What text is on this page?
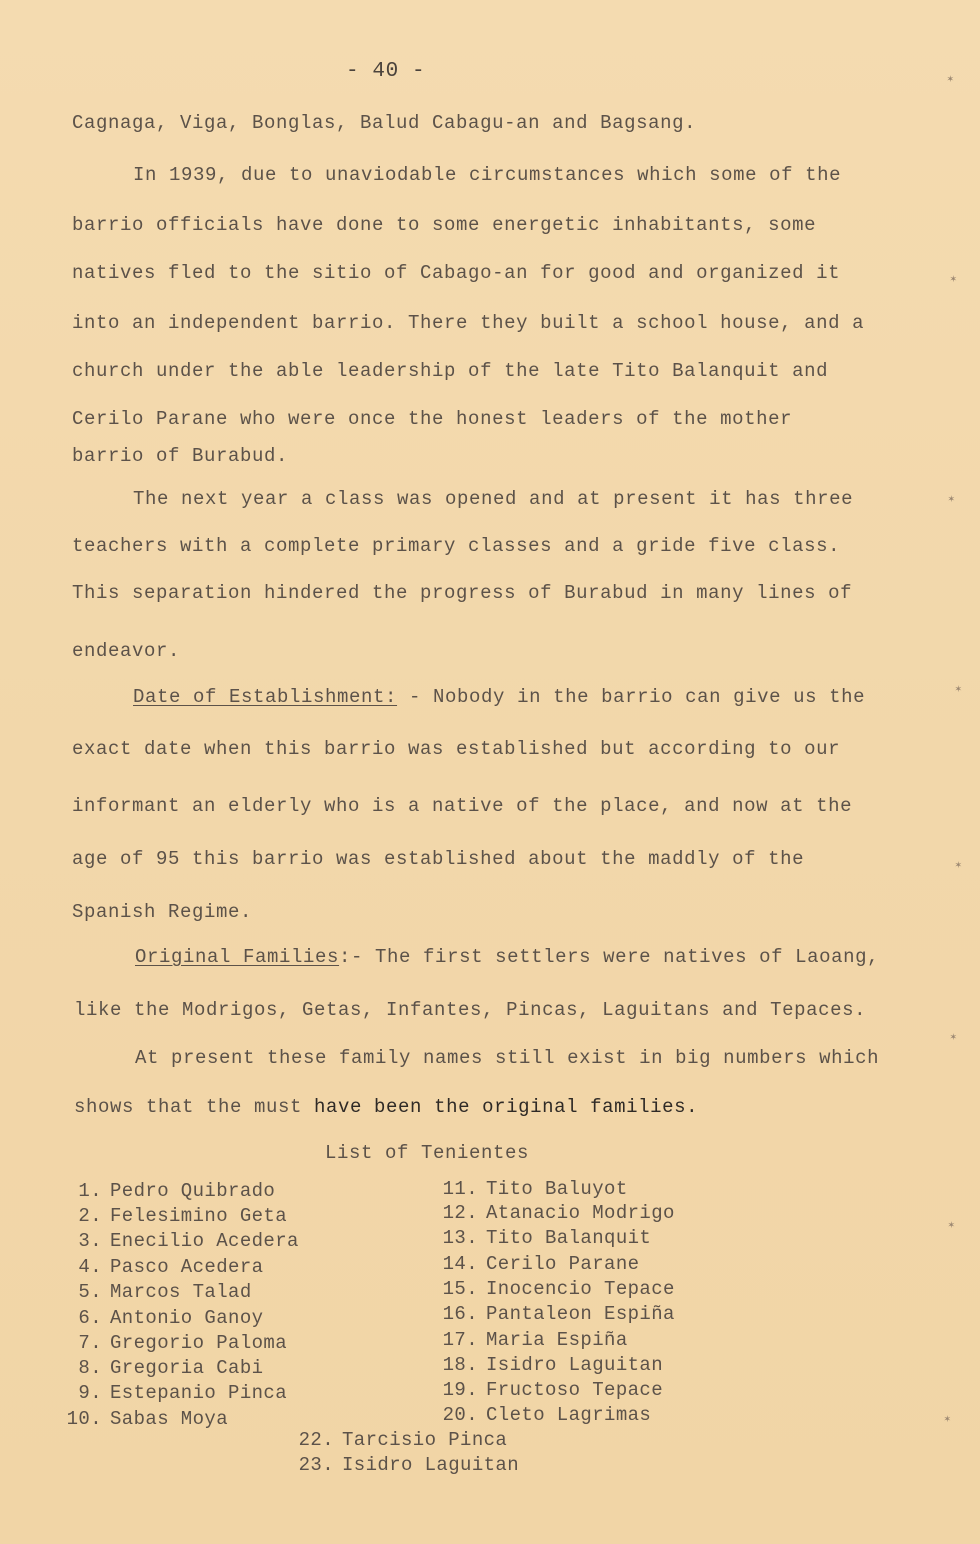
- 40 -
Cagnaga, Viga, Bonglas, Balud Cabagu-an and Bagsang.
In 1939, due to unaviodable circumstances which some of the
barrio officials have done to some energetic inhabitants, some
natives fled to the sitio of Cabago-an for good and organized it
into an independent barrio. There they built a school house, and a
church under the able leadership of the late Tito Balanquit and
Cerilo Parane who were once the honest leaders of the mother
barrio of Burabud.
The next year a class was opened and at present it has three
teachers with a complete primary classes and a gride five class.
This separation hindered the progress of Burabud in many lines of
endeavor.
Date of Establishment: - Nobody in the barrio can give us the
exact date when this barrio was established but according to our
informant an elderly who is a native of the place, and now at the
age of 95 this barrio was established about the maddly of the
Spanish Regime.
Original Families:- The first settlers were natives of Laoang,
like the Modrigos, Getas, Infantes, Pincas, Laguitans and Tepaces.
At present these family names still exist in big numbers which
shows that the must have been the original families.
List of Tenientes
1. Pedro Quibrado
2. Felesimino Geta
3. Enecilio Acedera
4. Pasco Acedera
5. Marcos Talad
6. Antonio Ganoy
7. Gregorio Paloma
8. Gregoria Cabi
9. Estepanio Pinca
10. Sabas Moya
11. Tito Baluyot
12. Atanacio Modrigo
13. Tito Balanquit
14. Cerilo Parane
15. Inocencio Tepace
16. Pantaleon Espiña
17. Maria Espiña
18. Isidro Laguitan
19. Fructoso Tepace
20. Cleto Lagrimas
22. Tarcisio Pinca
23. Isidro Laguitan
✶
✶
✶
✶
✶
✶
✶
✶
